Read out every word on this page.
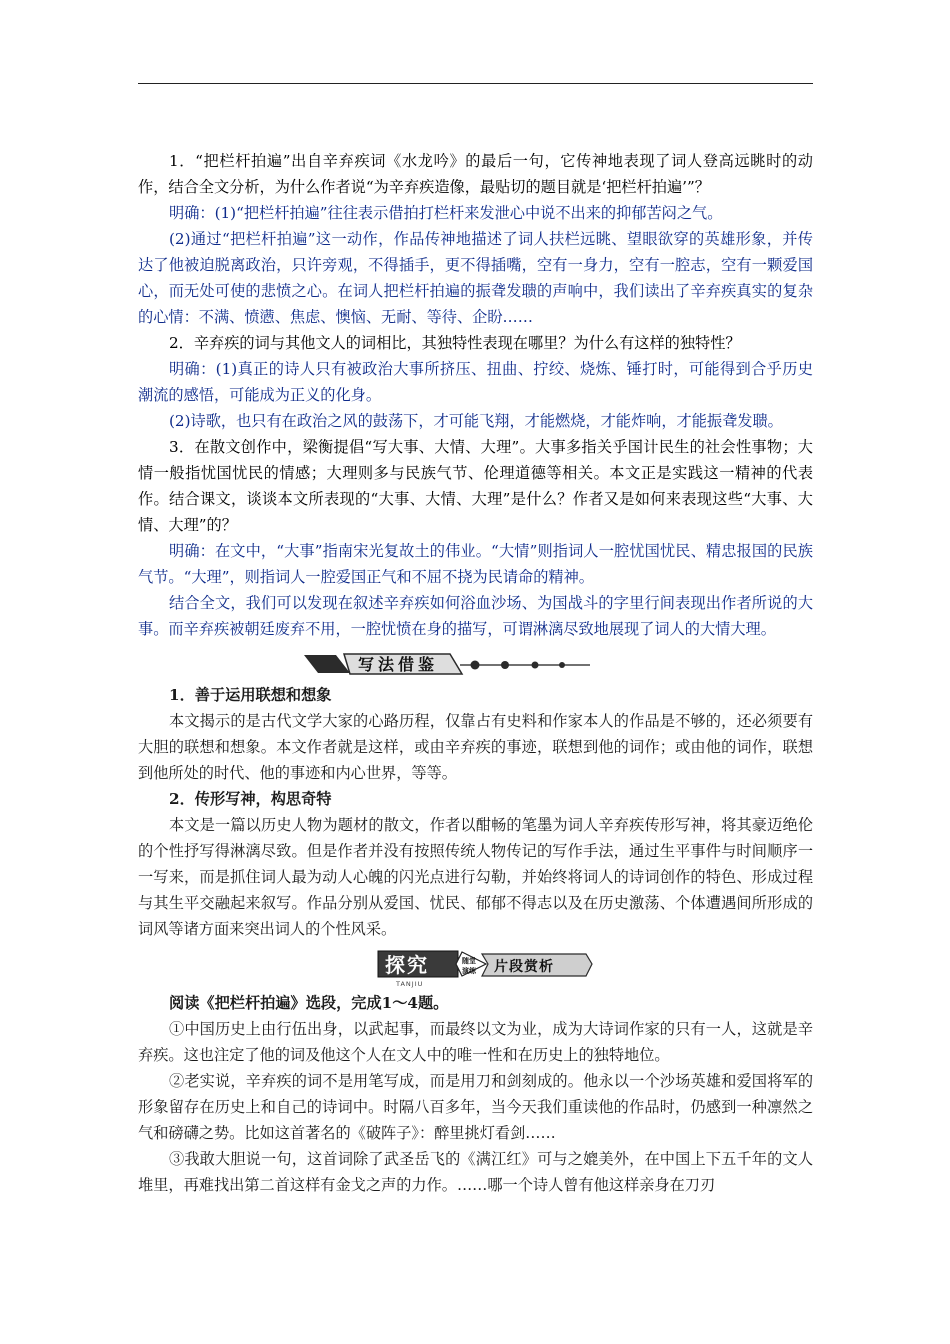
1．“把栏杆拍遍”出自辛弃疾词《水龙吟》的最后一句，它传神地表现了词人登高远眺时的动作，结合全文分析，为什么作者说“为辛弃疾造像，最贴切的题目就是‘把栏杆拍遍’”？

明确：(1)“把栏杆拍遍”往往表示借拍打栏杆来发泄心中说不出来的抑郁苦闷之气。

(2)通过“把栏杆拍遍”这一动作，作品传神地描述了词人扶栏远眺、望眼欲穿的英雄形象，并传达了他被迫脱离政治，只许旁观，不得插手，更不得插嘴，空有一身力，空有一腔志，空有一颗爱国心，而无处可使的悲愤之心。在词人把栏杆拍遍的振聋发聩的声响中，我们读出了辛弃疾真实的复杂的心情：不满、愤懑、焦虑、懊恼、无耐、等待、企盼……

2．辛弃疾的词与其他文人的词相比，其独特性表现在哪里？为什么有这样的独特性？

明确：(1)真正的诗人只有被政治大事所挤压、扭曲、拧绞、烧炼、锤打时，可能得到合乎历史潮流的感悟，可能成为正义的化身。

(2)诗歌，也只有在政治之风的鼓荡下，才可能飞翔，才能燃烧，才能炸响，才能振聋发聩。

3．在散文创作中，梁衡提倡“写大事、大情、大理”。大事多指关乎国计民生的社会性事物；大情一般指忧国忧民的情感；大理则多与民族气节、伦理道德等相关。本文正是实践这一精神的代表作。结合课文，谈谈本文所表现的“大事、大情、大理”是什么？作者又是如何来表现这些“大事、大情、大理”的？

明确：在文中，“大事”指南宋光复故土的伟业。“大情”则指词人一腔忧国忧民、精忠报国的民族气节。“大理”，则指词人一腔爱国正气和不屈不挠为民请命的精神。

结合全文，我们可以发现在叙述辛弃疾如何浴血沙场、为国战斗的字里行间表现出作者所说的大事。而辛弃疾被朝廷废弃不用，一腔忧愤在身的描写，可谓淋漓尽致地展现了词人的大情大理。

写法借鉴

1．善于运用联想和想象

本文揭示的是古代文学大家的心路历程，仅靠占有史料和作家本人的作品是不够的，还必须要有大胆的联想和想象。本文作者就是这样，或由辛弃疾的事迹，联想到他的词作；或由他的词作，联想到他所处的时代、他的事迹和内心世界，等等。

2．传形写神，构思奇特

本文是一篇以历史人物为题材的散文，作者以酣畅的笔墨为词人辛弃疾传形写神，将其豪迈绝伦的个性抒写得淋漓尽致。但是作者并没有按照传统人物传记的写作手法，通过生平事件与时间顺序一一写来，而是抓住词人最为动人心魄的闪光点进行勾勒，并始终将词人的诗词创作的特色、形成过程与其生平交融起来叙写。作品分别从爱国、忧民、郁郁不得志以及在历史激荡、个体遭遇间所形成的词风等诸方面来突出词人的个性风采。

探究	随堂
演练 片段赏析
TANJIU

阅读《把栏杆拍遍》选段，完成1～4题。

①中国历史上由行伍出身，以武起事，而最终以文为业，成为大诗词作家的只有一人，这就是辛弃疾。这也注定了他的词及他这个人在文人中的唯一性和在历史上的独特地位。

②老实说，辛弃疾的词不是用笔写成，而是用刀和剑刻成的。他永以一个沙场英雄和爱国将军的形象留存在历史上和自己的诗词中。时隔八百多年，当今天我们重读他的作品时，仍感到一种凛然之气和磅礴之势。比如这首著名的《破阵子》：醉里挑灯看剑……

③我敢大胆说一句，这首词除了武圣岳飞的《满江红》可与之媲美外，在中国上下五千年的文人堆里，再难找出第二首这样有金戈之声的力作。……哪一个诗人曾有他这样亲身在刀刃
